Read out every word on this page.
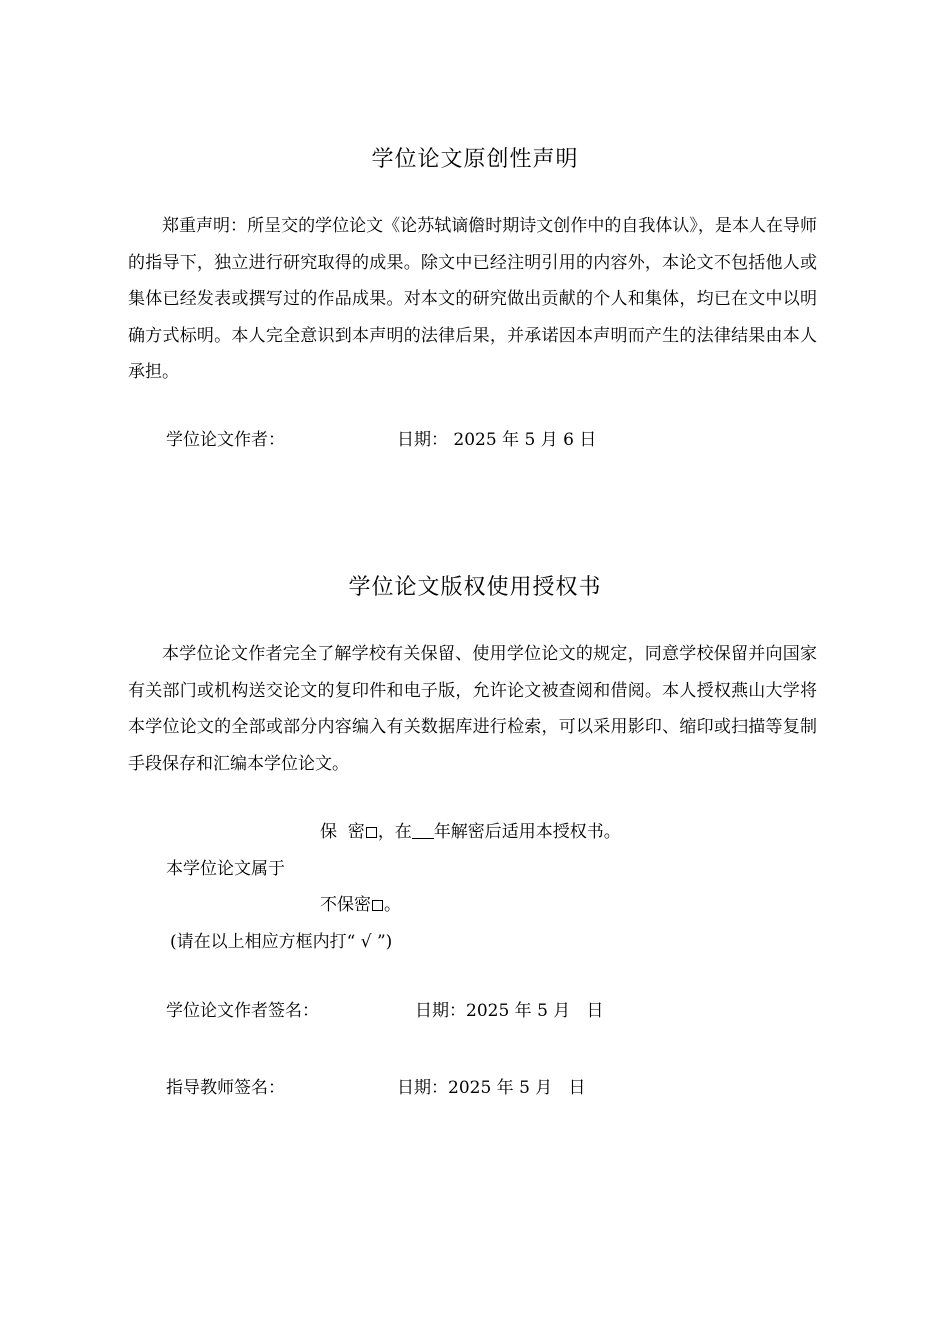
学位论文原创性声明

郑重声明：所呈交的学位论文《论苏轼谪儋时期诗文创作中的自我体认》，是本人在导师的指导下，独立进行研究取得的成果。除文中已经注明引用的内容外，本论文不包括他人或集体已经发表或撰写过的作品成果。对本文的研究做出贡献的个人和集体，均已在文中以明确方式标明。本人完全意识到本声明的法律后果，并承诺因本声明而产生的法律结果由本人承担。

学位论文作者：	日期： 2025 年 5 月 6 日
学位论文版权使用授权书

本学位论文作者完全了解学校有关保留、使用学位论文的规定，同意学校保留并向国家有关部门或机构送交论文的复印件和电子版，允许论文被查阅和借阅。本人授权燕山大学将本学位论文的全部或部分内容编入有关数据库进行检索，可以采用影印、缩印或扫描等复制手段保存和汇编本学位论文。

保  密 ，在 年解密后适用本授权书。
本学位论文属于
不保密 。
(请在以上相应方框内打“ √ ”)
学位论文作者签名：	日期：2025 年 5 月   日
指导教师签名：	日期：2025 年 5 月   日
